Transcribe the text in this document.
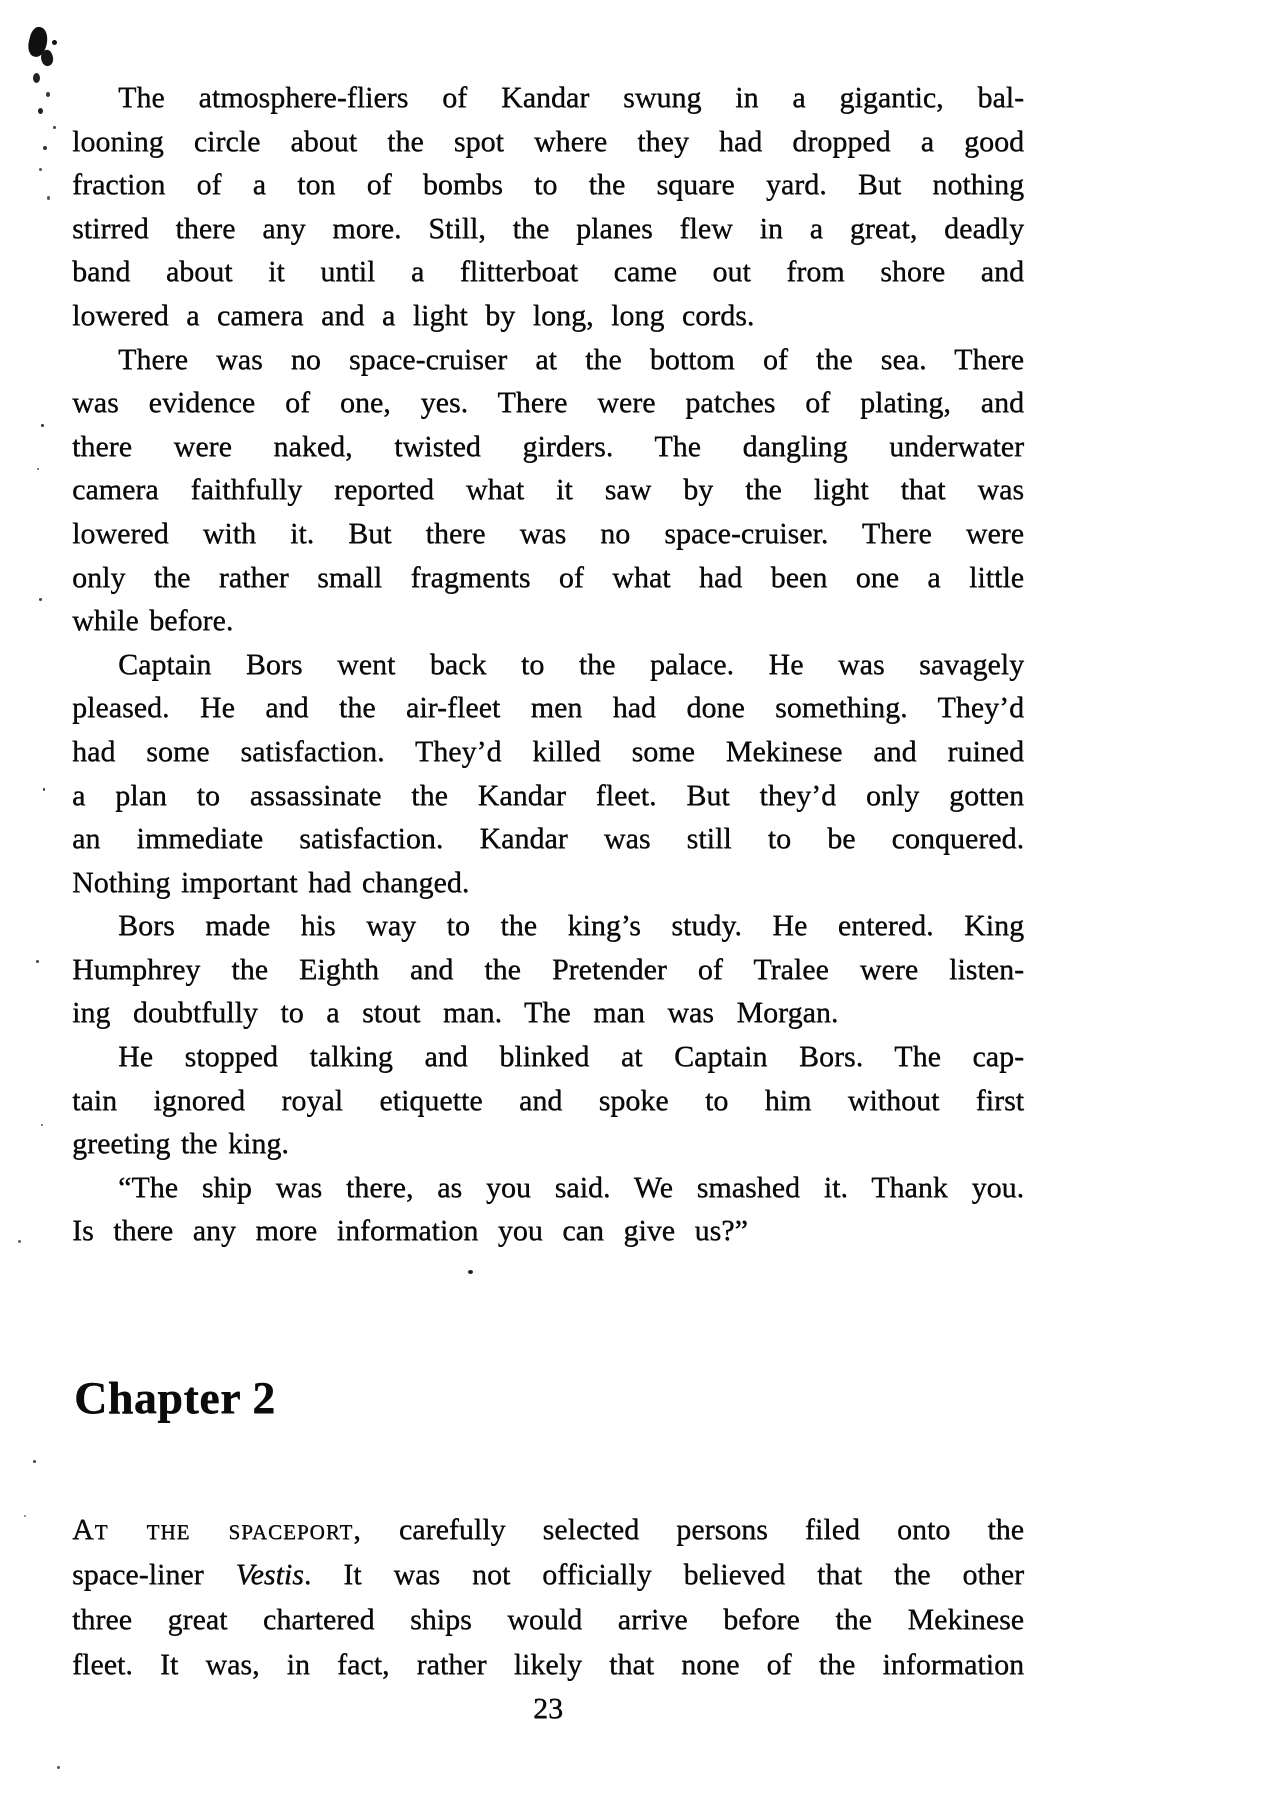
The atmosphere-fliers of Kandar swung in a gigantic, bal-
looning circle about the spot where they had dropped a good
fraction of a ton of bombs to the square yard. But nothing
stirred there any more. Still, the planes flew in a great, deadly
band about it until a flitterboat came out from shore and
lowered a camera and a light by long, long cords.
There was no space-cruiser at the bottom of the sea. There
was evidence of one, yes. There were patches of plating, and
there were naked, twisted girders. The dangling underwater
camera faithfully reported what it saw by the light that was
lowered with it. But there was no space-cruiser. There were
only the rather small fragments of what had been one a little
while before.
Captain Bors went back to the palace. He was savagely
pleased. He and the air-fleet men had done something. They’d
had some satisfaction. They’d killed some Mekinese and ruined
a plan to assassinate the Kandar fleet. But they’d only gotten
an immediate satisfaction. Kandar was still to be conquered.
Nothing important had changed.
Bors made his way to the king’s study. He entered. King
Humphrey the Eighth and the Pretender of Tralee were listen-
ing doubtfully to a stout man. The man was Morgan.
He stopped talking and blinked at Captain Bors. The cap-
tain ignored royal etiquette and spoke to him without first
greeting the king.
“The ship was there, as you said. We smashed it. Thank you.
Is there any more information you can give us?”
Chapter 2
At the spaceport, carefully selected persons filed onto the
space-liner Vestis. It was not officially believed that the other
three great chartered ships would arrive before the Mekinese
fleet. It was, in fact, rather likely that none of the information
23
